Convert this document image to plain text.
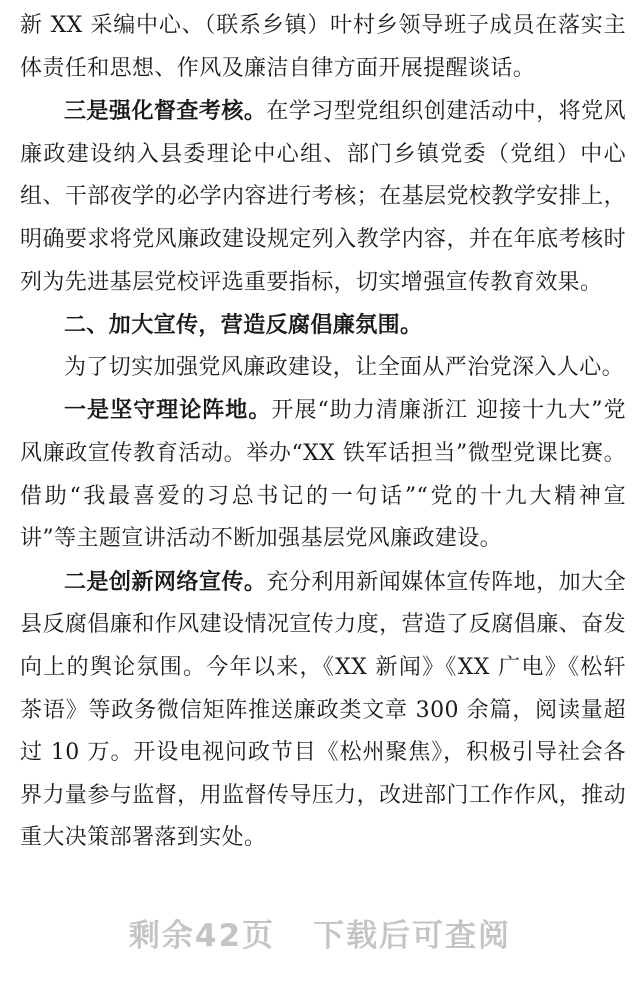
新 XX 采编中心、（联系乡镇）叶村乡领导班子成员在落实主体责任和思想、作风及廉洁自律方面开展提醒谈话。

三是强化督查考核。在学习型党组织创建活动中，将党风廉政建设纳入县委理论中心组、部门乡镇党委（党组）中心组、干部夜学的必学内容进行考核；在基层党校教学安排上，明确要求将党风廉政建设规定列入教学内容，并在年底考核时列为先进基层党校评选重要指标，切实增强宣传教育效果。

二、加大宣传，营造反腐倡廉氛围。

为了切实加强党风廉政建设，让全面从严治党深入人心。

一是坚守理论阵地。开展“助力清廉浙江 迎接十九大”党风廉政宣传教育活动。举办“XX 铁军话担当”微型党课比赛。借助“我最喜爱的习总书记的一句话”“党的十九大精神宣讲”等主题宣讲活动不断加强基层党风廉政建设。

二是创新网络宣传。充分利用新闻媒体宣传阵地，加大全县反腐倡廉和作风建设情况宣传力度，营造了反腐倡廉、奋发向上的舆论氛围。今年以来，《XX 新闻》《XX 广电》《松轩茶语》等政务微信矩阵推送廉政类文章 300 余篇，阅读量超过 10 万。开设电视问政节目《松州聚焦》，积极引导社会各界力量参与监督，用监督传导压力，改进部门工作作风，推动重大决策部署落到实处。

剩余42页 下载后可查阅
